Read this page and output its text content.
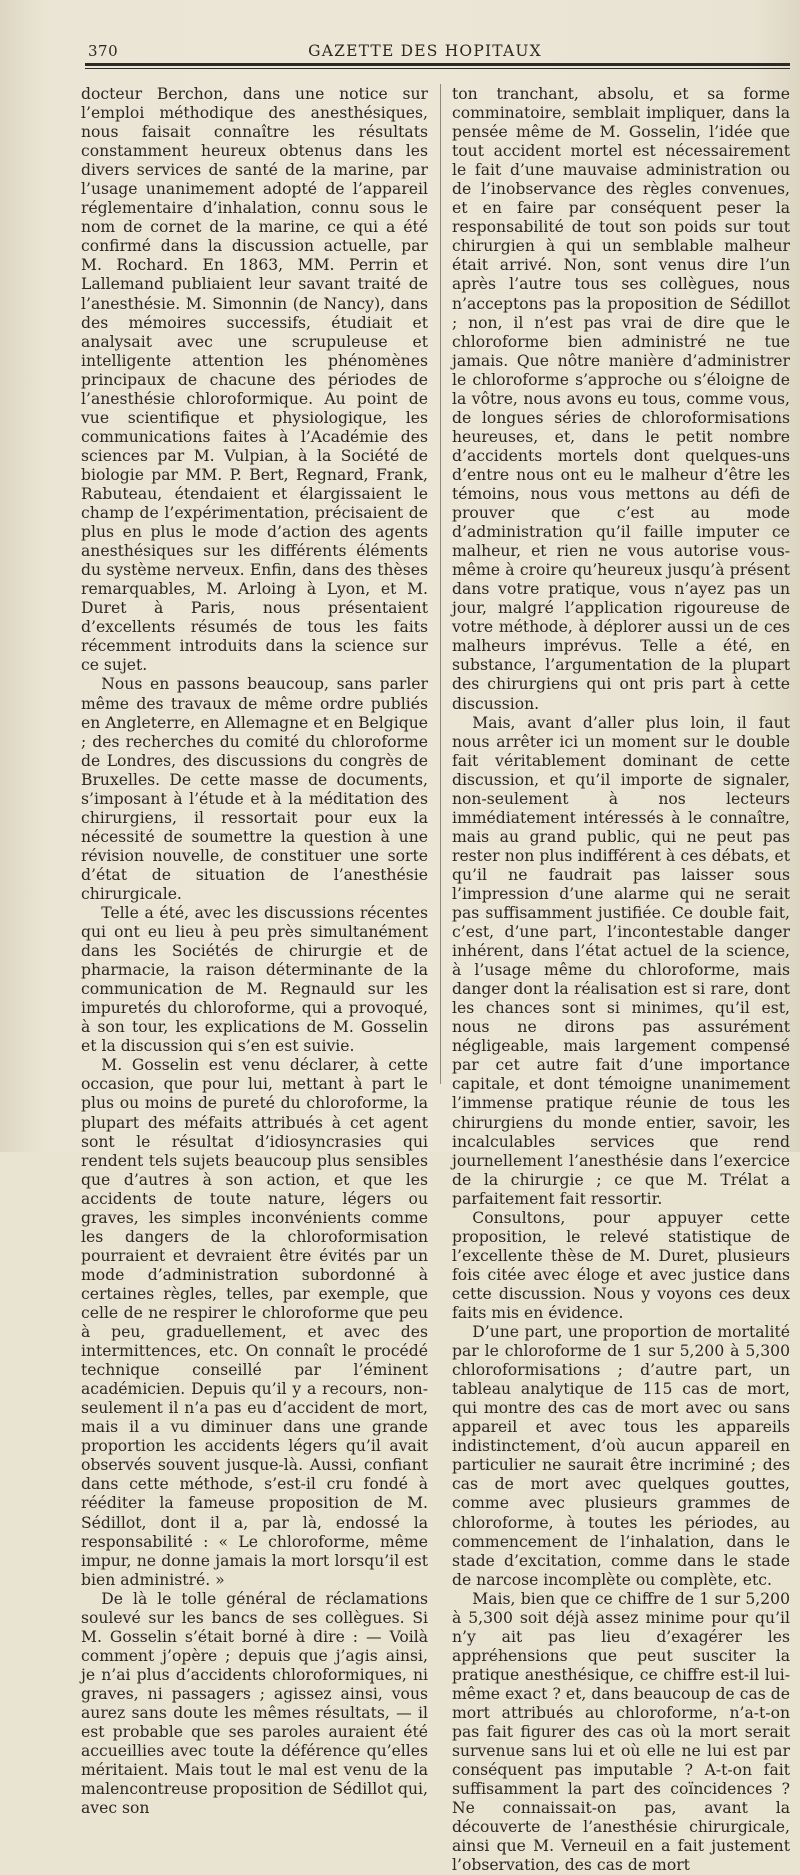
370	GAZETTE DES HOPITAUX

docteur Berchon, dans une notice sur l’emploi méthodique des anesthésiques, nous faisait connaître les résultats constamment heureux obtenus dans les divers services de santé de la marine, par l’usage unanimement adopté de l’appareil réglementaire d’inhalation, connu sous le nom de cornet de la marine, ce qui a été confirmé dans la discussion actuelle, par M. Rochard. En 1863, MM. Perrin et Lallemand publiaient leur savant traité de l’anesthésie. M. Simonnin (de Nancy), dans des mémoires successifs, étudiait et analysait avec une scrupuleuse et intelligente attention les phénomènes principaux de chacune des périodes de l’anesthésie chloroformique. Au point de vue scientifique et physiologique, les communications faites à l’Académie des sciences par M. Vulpian, à la Société de biologie par MM. P. Bert, Regnard, Frank, Rabuteau, étendaient et élargissaient le champ de l’expérimentation, précisaient de plus en plus le mode d’action des agents anesthésiques sur les différents éléments du système nerveux. Enfin, dans des thèses remarquables, M. Arloing à Lyon, et M. Duret à Paris, nous présentaient d’excellents résumés de tous les faits récemment introduits dans la science sur ce sujet.

Nous en passons beaucoup, sans parler même des travaux de même ordre publiés en Angleterre, en Allemagne et en Belgique ; des recherches du comité du chloroforme de Londres, des discussions du congrès de Bruxelles. De cette masse de documents, s’imposant à l’étude et à la méditation des chirurgiens, il ressortait pour eux la nécessité de soumettre la question à une révision nouvelle, de constituer une sorte d’état de situation de l’anesthésie chirurgicale.

Telle a été, avec les discussions récentes qui ont eu lieu à peu près simultanément dans les Sociétés de chirurgie et de pharmacie, la raison déterminante de la communication de M. Regnauld sur les impuretés du chloroforme, qui a provoqué, à son tour, les explications de M. Gosselin et la discussion qui s’en est suivie.

M. Gosselin est venu déclarer, à cette occasion, que pour lui, mettant à part le plus ou moins de pureté du chloroforme, la plupart des méfaits attribués à cet agent sont le résultat d’idiosyncrasies qui rendent tels sujets beaucoup plus sensibles que d’autres à son action, et que les accidents de toute nature, légers ou graves, les simples inconvénients comme les dangers de la chloroformisation pourraient et devraient être évités par un mode d’administration subordonné à certaines règles, telles, par exemple, que celle de ne respirer le chloroforme que peu à peu, graduellement, et avec des intermittences, etc. On connaît le procédé technique conseillé par l’éminent académicien. Depuis qu’il y a recours, non-seulement il n’a pas eu d’accident de mort, mais il a vu diminuer dans une grande proportion les accidents légers qu’il avait observés souvent jusque-là. Aussi, confiant dans cette méthode, s’est-il cru fondé à rééditer la fameuse proposition de M. Sédillot, dont il a, par là, endossé la responsabilité : « Le chloroforme, même impur, ne donne jamais la mort lorsqu’il est bien administré. »

De là le tolle général de réclamations soulevé sur les bancs de ses collègues. Si M. Gosselin s’était borné à dire : — Voilà comment j’opère ; depuis que j’agis ainsi, je n’ai plus d’accidents chloroformiques, ni graves, ni passagers ; agissez ainsi, vous aurez sans doute les mêmes résultats, — il est probable que ses paroles auraient été accueillies avec toute la déférence qu’elles méritaient. Mais tout le mal est venu de la malencontreuse proposition de Sédillot qui, avec son

ton tranchant, absolu, et sa forme comminatoire, semblait impliquer, dans la pensée même de M. Gosselin, l’idée que tout accident mortel est nécessairement le fait d’une mauvaise administration ou de l’inobservance des règles convenues, et en faire par conséquent peser la responsabilité de tout son poids sur tout chirurgien à qui un semblable malheur était arrivé. Non, sont venus dire l’un après l’autre tous ses collègues, nous n’acceptons pas la proposition de Sédillot ; non, il n’est pas vrai de dire que le chloroforme bien administré ne tue jamais. Que nôtre manière d’administrer le chloroforme s’approche ou s’éloigne de la vôtre, nous avons eu tous, comme vous, de longues séries de chloroformisations heureuses, et, dans le petit nombre d’accidents mortels dont quelques-uns d’entre nous ont eu le malheur d’être les témoins, nous vous mettons au défi de prouver que c’est au mode d’administration qu’il faille imputer ce malheur, et rien ne vous autorise vous-même à croire qu’heureux jusqu’à présent dans votre pratique, vous n’ayez pas un jour, malgré l’application rigoureuse de votre méthode, à déplorer aussi un de ces malheurs imprévus. Telle a été, en substance, l’argumentation de la plupart des chirurgiens qui ont pris part à cette discussion.

Mais, avant d’aller plus loin, il faut nous arrêter ici un moment sur le double fait véritablement dominant de cette discussion, et qu’il importe de signaler, non-seulement à nos lecteurs immédiatement intéressés à le connaître, mais au grand public, qui ne peut pas rester non plus indifférent à ces débats, et qu’il ne faudrait pas laisser sous l’impression d’une alarme qui ne serait pas suffisamment justifiée. Ce double fait, c’est, d’une part, l’incontestable danger inhérent, dans l’état actuel de la science, à l’usage même du chloroforme, mais danger dont la réalisation est si rare, dont les chances sont si minimes, qu’il est, nous ne dirons pas assurément négligeable, mais largement compensé par cet autre fait d’une importance capitale, et dont témoigne unanimement l’immense pratique réunie de tous les chirurgiens du monde entier, savoir, les incalculables services que rend journellement l’anesthésie dans l’exercice de la chirurgie ; ce que M. Trélat a parfaitement fait ressortir.

Consultons, pour appuyer cette proposition, le relevé statistique de l’excellente thèse de M. Duret, plusieurs fois citée avec éloge et avec justice dans cette discussion. Nous y voyons ces deux faits mis en évidence.

D’une part, une proportion de mortalité par le chloroforme de 1 sur 5,200 à 5,300 chloroformisations ; d’autre part, un tableau analytique de 115 cas de mort, qui montre des cas de mort avec ou sans appareil et avec tous les appareils indistinctement, d’où aucun appareil en particulier ne saurait être incriminé ; des cas de mort avec quelques gouttes, comme avec plusieurs grammes de chloroforme, à toutes les périodes, au commencement de l’inhalation, dans le stade d’excitation, comme dans le stade de narcose incomplète ou complète, etc.

Mais, bien que ce chiffre de 1 sur 5,200 à 5,300 soit déjà assez minime pour qu’il n’y ait pas lieu d’exagérer les appréhensions que peut susciter la pratique anesthésique, ce chiffre est-il lui-même exact ? et, dans beaucoup de cas de mort attribués au chloroforme, n’a-t-on pas fait figurer des cas où la mort serait survenue sans lui et où elle ne lui est par conséquent pas imputable ? A-t-on fait suffisamment la part des coïncidences ? Ne connaissait-on pas, avant la découverte de l’anesthésie chirurgicale, ainsi que M. Verneuil en a fait justement l’observation, des cas de mort
